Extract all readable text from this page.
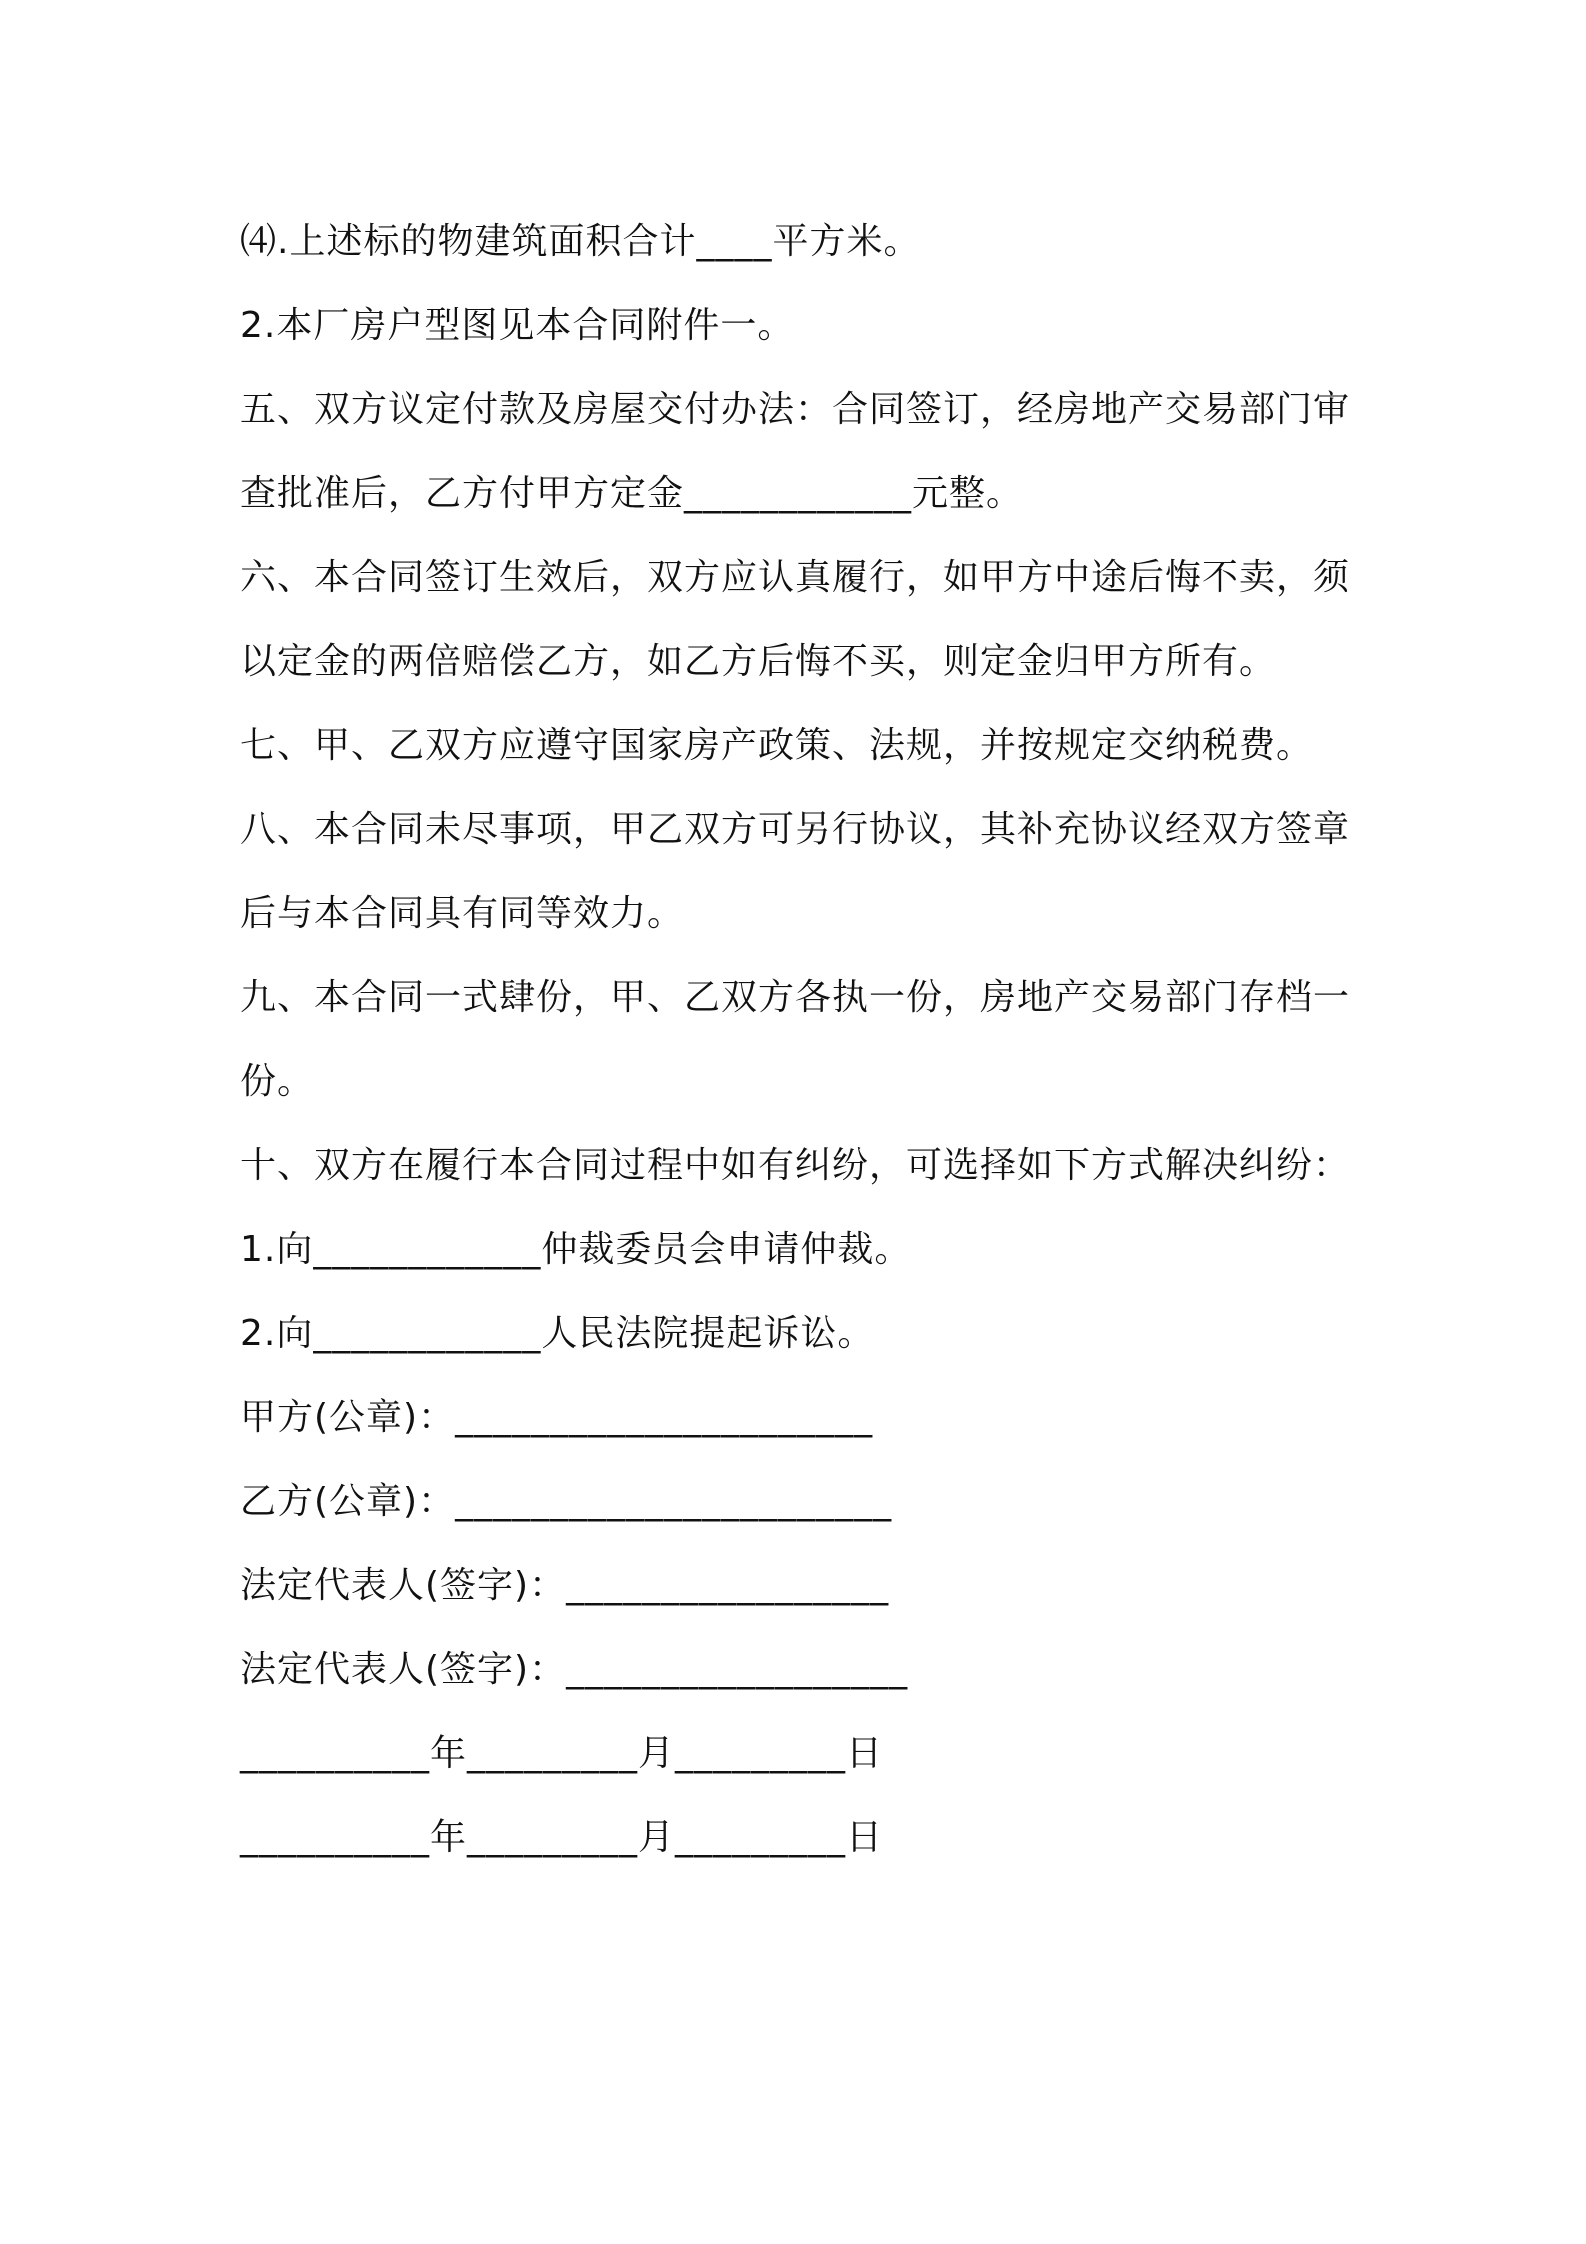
⑷.上述标的物建筑面积合计____平方米。
2.本厂房户型图见本合同附件一。
五、双方议定付款及房屋交付办法：合同签订，经房地产交易部门审
查批准后，乙方付甲方定金____________元整。
六、本合同签订生效后，双方应认真履行，如甲方中途后悔不卖，须
以定金的两倍赔偿乙方，如乙方后悔不买，则定金归甲方所有。
七、甲、乙双方应遵守国家房产政策、法规，并按规定交纳税费。
八、本合同未尽事项，甲乙双方可另行协议，其补充协议经双方签章
后与本合同具有同等效力。
九、本合同一式肆份，甲、乙双方各执一份，房地产交易部门存档一
份。
十、双方在履行本合同过程中如有纠纷，可选择如下方式解决纠纷：
1.向____________仲裁委员会申请仲裁。
2.向____________人民法院提起诉讼。
甲方(公章)：______________________
乙方(公章)：_______________________
法定代表人(签字)：_________________
法定代表人(签字)：__________________
__________年_________月_________日
__________年_________月_________日
